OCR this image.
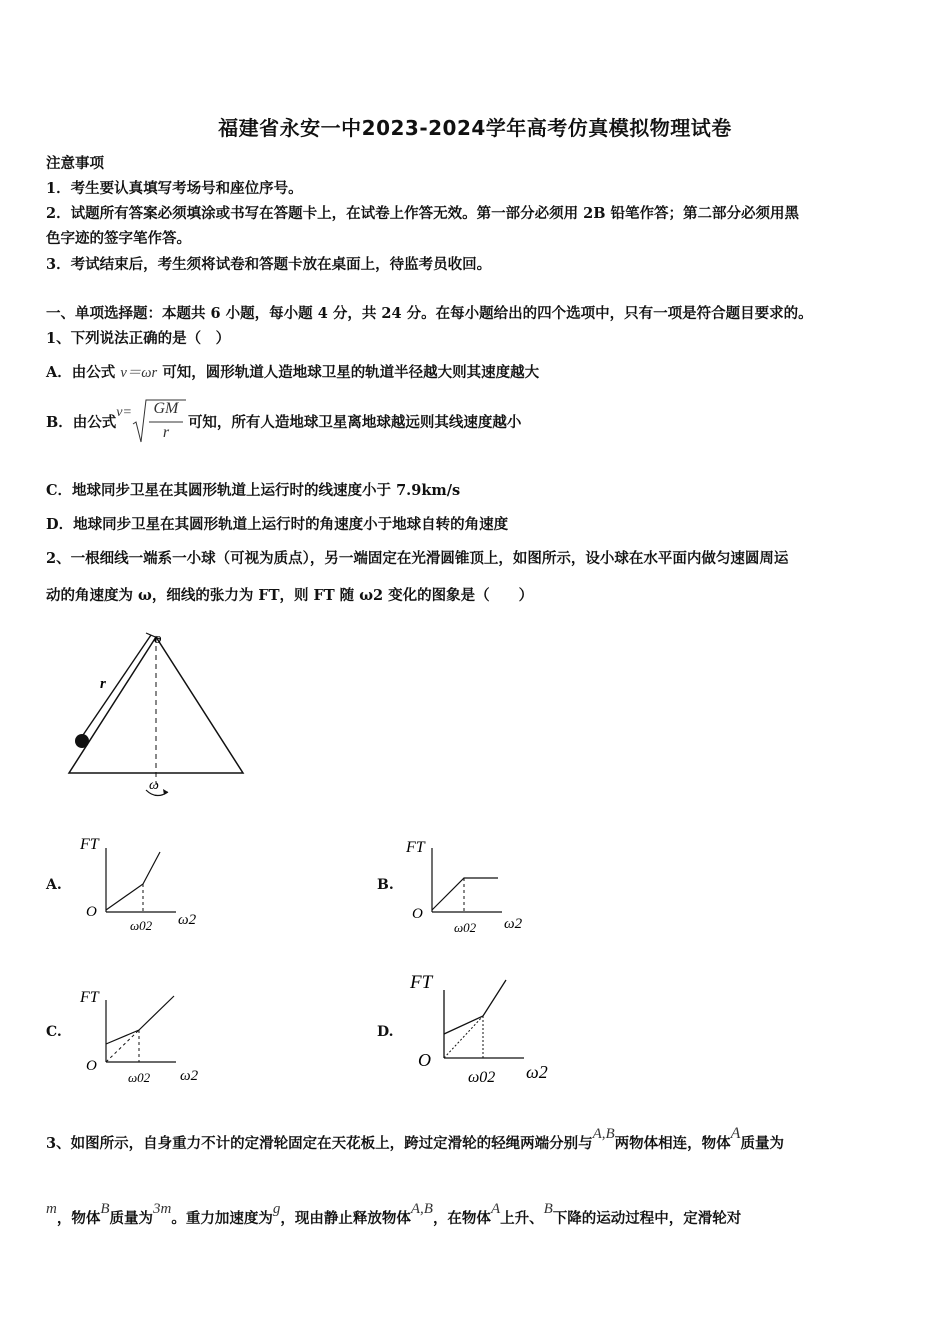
福建省永安一中2023-2024学年高考仿真模拟物理试卷
注意事项
1．考生要认真填写考场号和座位序号。
2．试题所有答案必须填涂或书写在答题卡上，在试卷上作答无效。第一部分必须用 2B 铅笔作答；第二部分必须用黑
色字迹的签字笔作答。
3．考试结束后，考生须将试卷和答题卡放在桌面上，待监考员收回。
一、单项选择题：本题共 6 小题，每小题 4 分，共 24 分。在每小题给出的四个选项中，只有一项是符合题目要求的。
1、下列说法正确的是（　）
A．由公式 v＝ωr 可知，圆形轨道人造地球卫星的轨道半径越大则其速度越大
B．由公式v= GM
r
可知，所有人造地球卫星离地球越远则其线速度越小
C．地球同步卫星在其圆形轨道上运行时的线速度小于 7.9km/s
D．地球同步卫星在其圆形轨道上运行时的角速度小于地球自转的角速度
2、一根细线一端系一小球（可视为质点），另一端固定在光滑圆锥顶上，如图所示，设小球在水平面内做匀速圆周运
动的角速度为 ω，细线的张力为 FT，则 FT 随 ω2 变化的图象是（　　）
o
r
ω
A.	B.
C.	D.
FT
O
ω02 ω2
FT
O
ω02 ω2
FT
O
ω02 ω2
FT
O
ω02 ω2
3、如图所示，自身重力不计的定滑轮固定在天花板上，跨过定滑轮的轻绳两端分别与A,B两物体相连，物体A质量为
m，物体B质量为3m。重力加速度为g，现由静止释放物体A,B，在物体A上升、B下降的运动过程中，定滑轮对
